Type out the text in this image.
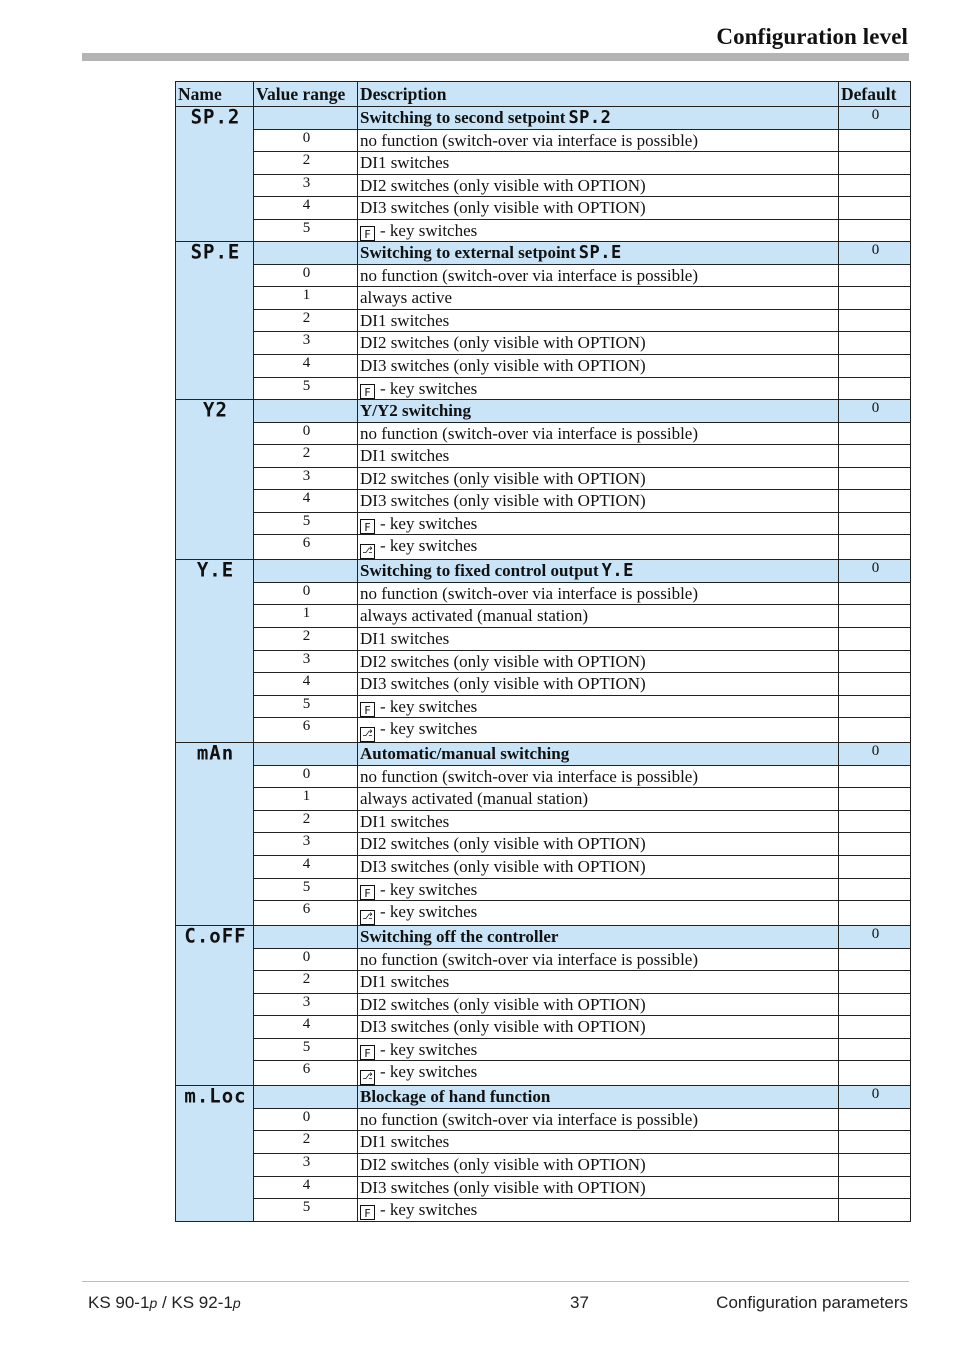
Configuration level
Name	Value range	Description	Default
SP.2		Switching to second setpoint SP.2	0
	0	no function (switch-over via interface is possible)	
	2	DI1 switches	
	3	DI2 switches (only visible with OPTION)	
	4	DI3 switches (only visible with OPTION)	
	5	F - key switches	
SP.E		Switching to external setpoint SP.E	0
	0	no function (switch-over via interface is possible)	
	1	always active	
	2	DI1 switches	
	3	DI2 switches (only visible with OPTION)	
	4	DI3 switches (only visible with OPTION)	
	5	F - key switches	
Y2		Y/Y2 switching	0
	0	no function (switch-over via interface is possible)	
	2	DI1 switches	
	3	DI2 switches (only visible with OPTION)	
	4	DI3 switches (only visible with OPTION)	
	5	F - key switches	
	6	⎇ - key switches	
Y.E		Switching to fixed control output Y.E	0
	0	no function (switch-over via interface is possible)	
	1	always activated (manual station)	
	2	DI1 switches	
	3	DI2 switches (only visible with OPTION)	
	4	DI3 switches (only visible with OPTION)	
	5	F - key switches	
	6	⎇ - key switches	
mAn		Automatic/manual switching	0
	0	no function (switch-over via interface is possible)	
	1	always activated (manual station)	
	2	DI1 switches	
	3	DI2 switches (only visible with OPTION)	
	4	DI3 switches (only visible with OPTION)	
	5	F - key switches	
	6	⎇ - key switches	
C.oFF		Switching off the controller	0
	0	no function (switch-over via interface is possible)	
	2	DI1 switches	
	3	DI2 switches (only visible with OPTION)	
	4	DI3 switches (only visible with OPTION)	
	5	F - key switches	
	6	⎇ - key switches	
m.Loc		Blockage of hand function	0
	0	no function (switch-over via interface is possible)	
	2	DI1 switches	
	3	DI2 switches (only visible with OPTION)	
	4	DI3 switches (only visible with OPTION)	
	5	F - key switches	
KS 90-1p / KS 92-1p	37	Configuration parameters
